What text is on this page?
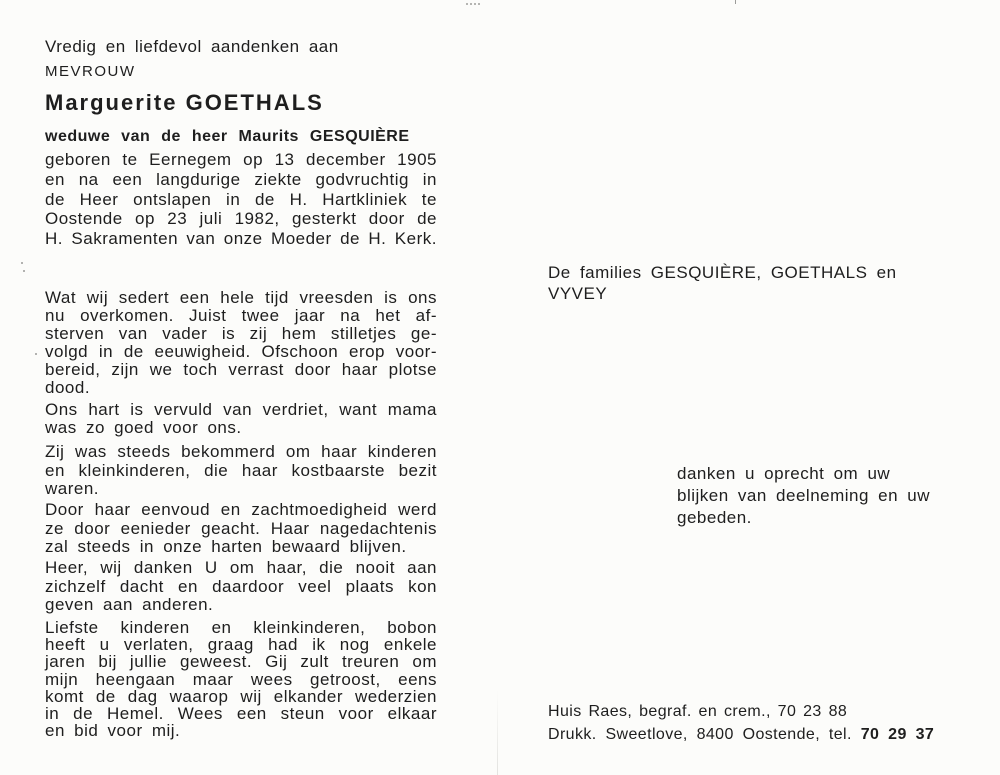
Vredig en liefdevol aandenken aan
MEVROUW
Marguerite GOETHALS
weduwe van de heer Maurits GESQUIÈRE
geboren te Eernegem op 13 december 1905
en na een langdurige ziekte godvruchtig in
de Heer ontslapen in de H. Hartkliniek te
Oostende op 23 juli 1982, gesterkt door de
H. Sakramenten van onze Moeder de H. Kerk.
Wat wij sedert een hele tijd vreesden is ons
nu overkomen. Juist twee jaar na het af-
sterven van vader is zij hem stilletjes ge-
volgd in de eeuwigheid. Ofschoon erop voor-
bereid, zijn we toch verrast door haar plotse
dood.
Ons hart is vervuld van verdriet, want mama
was zo goed voor ons.
Zij was steeds bekommerd om haar kinderen
en kleinkinderen, die haar kostbaarste bezit
waren.
Door haar eenvoud en zachtmoedigheid werd
ze door eenieder geacht. Haar nagedachtenis
zal steeds in onze harten bewaard blijven.
Heer, wij danken U om haar, die nooit aan
zichzelf dacht en daardoor veel plaats kon
geven aan anderen.
Liefste kinderen en kleinkinderen, bobon
heeft u verlaten, graag had ik nog enkele
jaren bij jullie geweest. Gij zult treuren om
mijn heengaan maar wees getroost, eens
komt de dag waarop wij elkander wederzien
in de Hemel. Wees een steun voor elkaar
en bid voor mij.
De families GESQUIÈRE, GOETHALS en
VYVEY
danken u oprecht om uw
blijken van deelneming en uw
gebeden.
Huis Raes, begraf. en crem., 70 23 88
Drukk. Sweetlove, 8400 Oostende, tel. 70 29 37
